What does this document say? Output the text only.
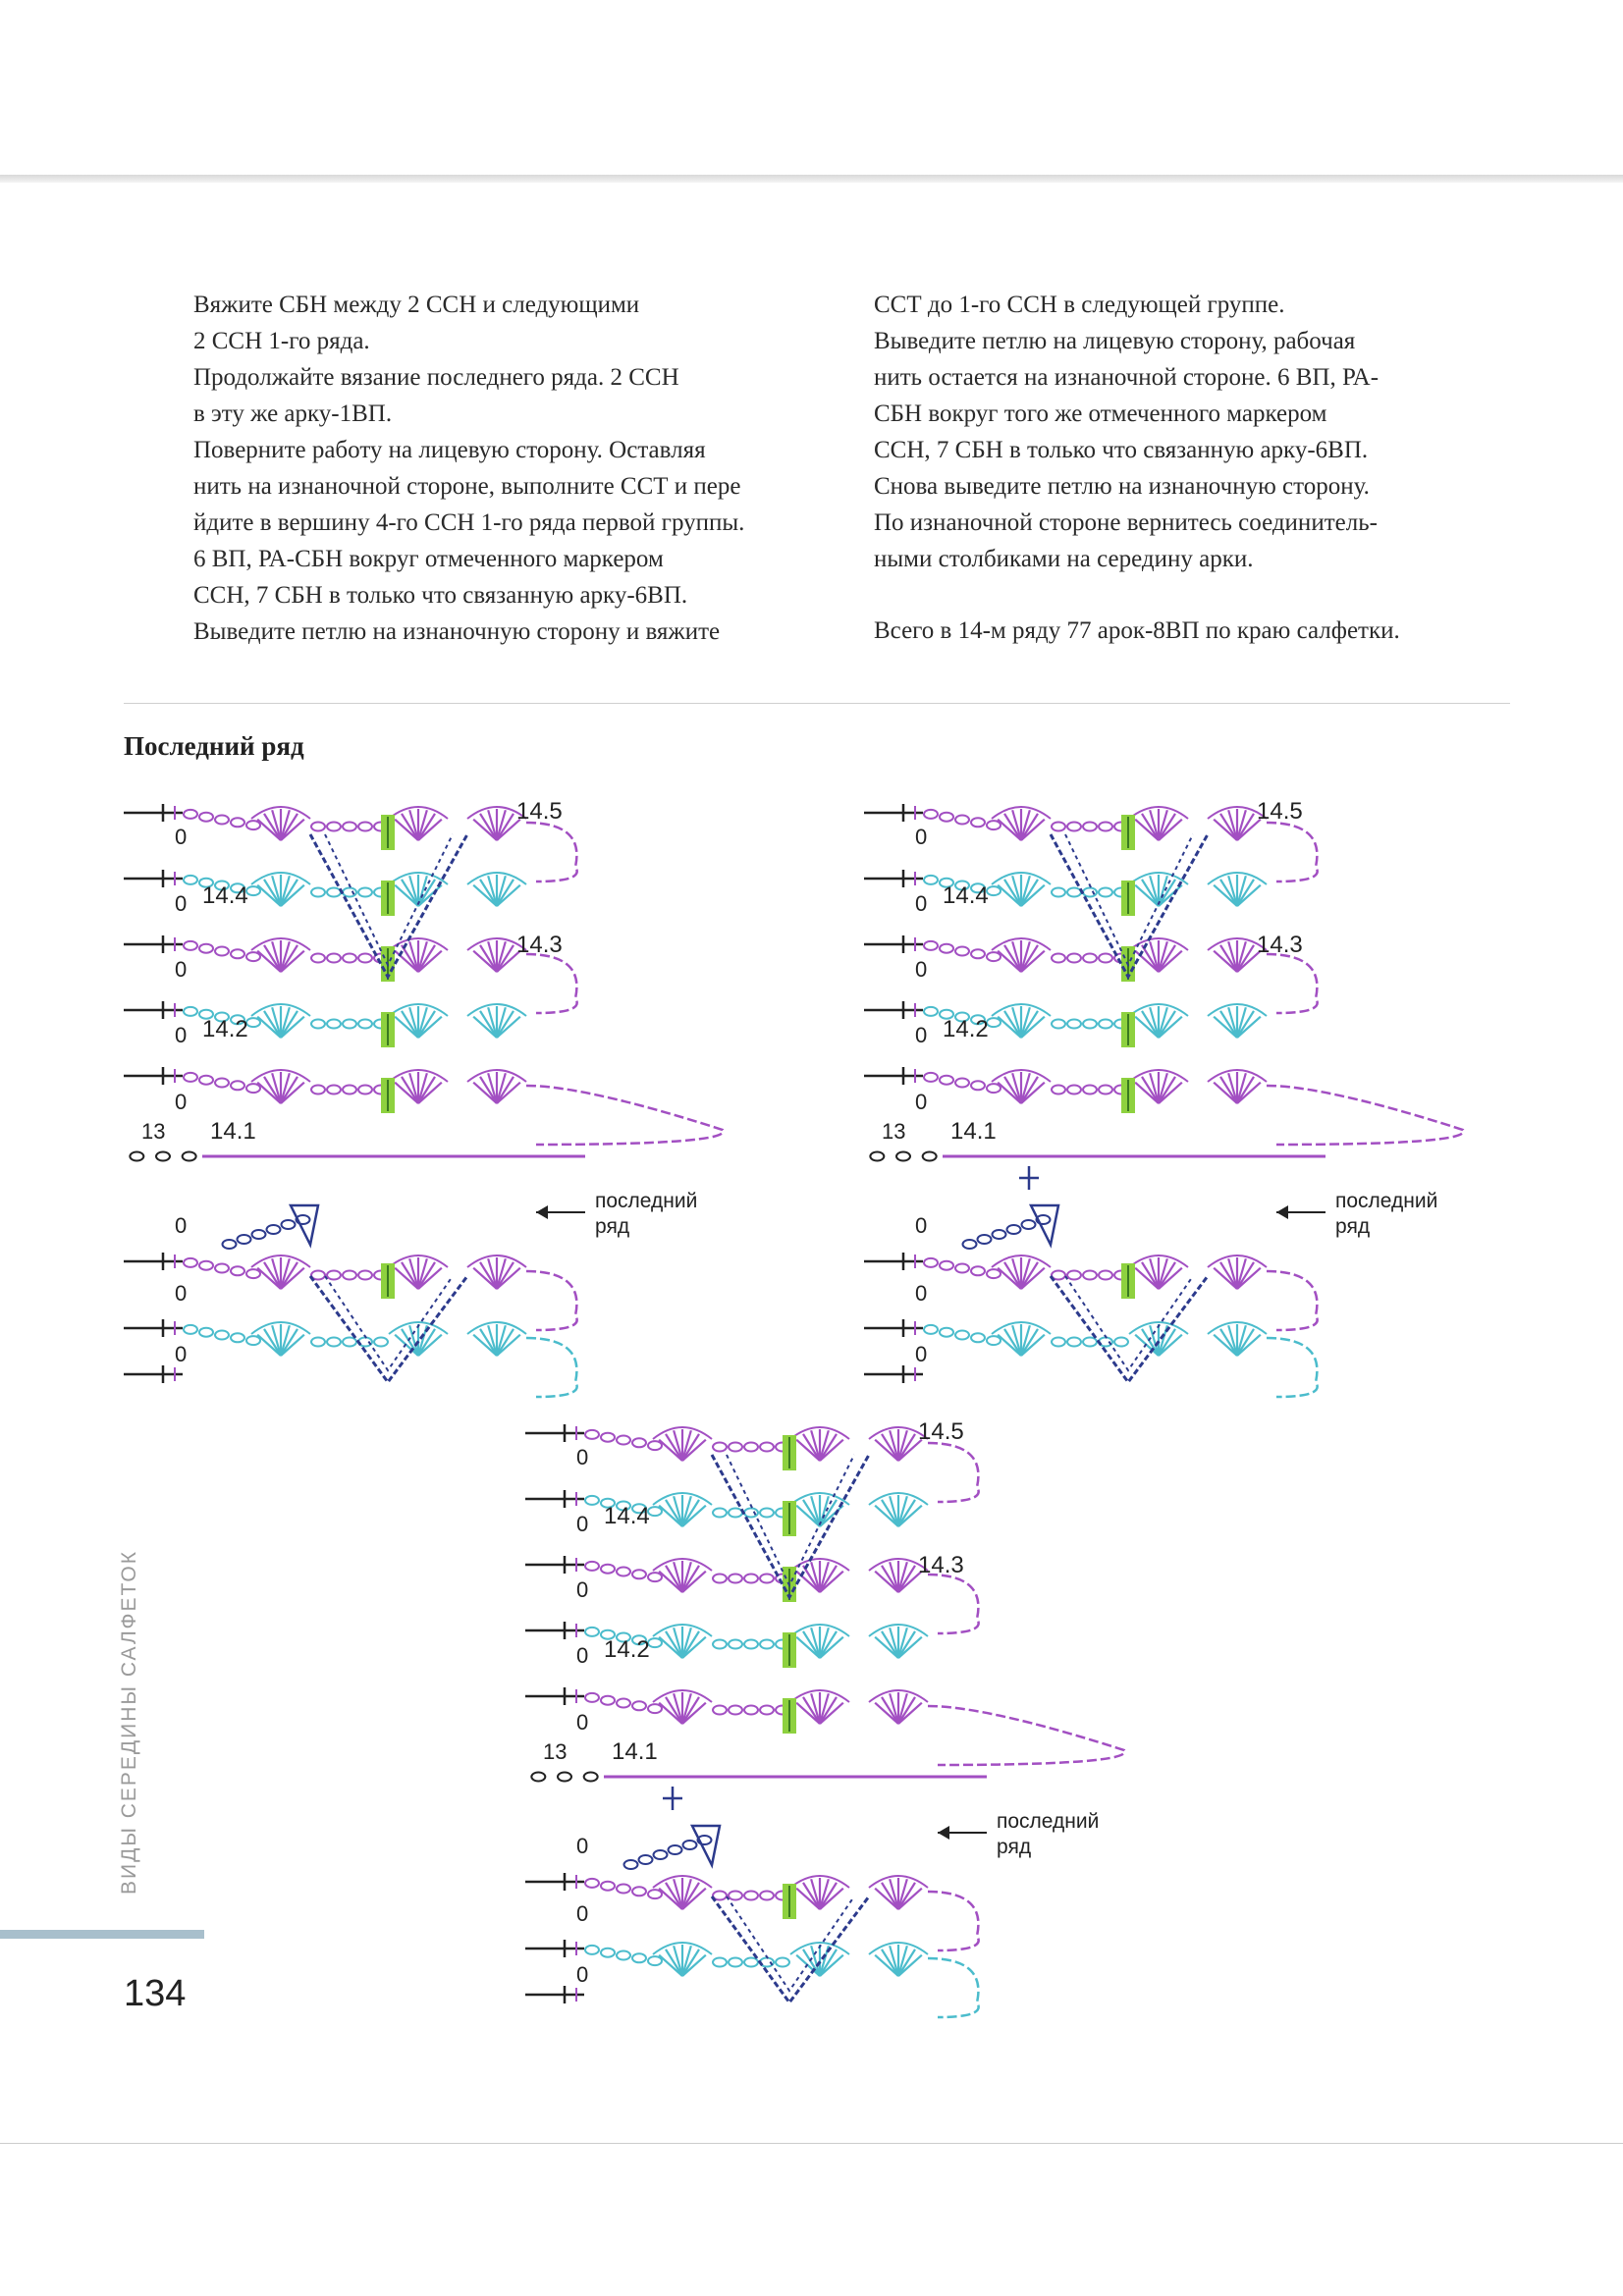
Вяжите СБН между 2 ССН и следующими

2 ССН 1-го ряда.

Продолжайте вязание последнего ряда. 2 ССН

в эту же арку-1ВП.

Поверните работу на лицевую сторону. Оставляя

нить на изнаночной стороне, выполните ССТ и пере

йдите в вершину 4-го ССН 1-го ряда первой группы.

6 ВП, РА-СБН вокруг отмеченного маркером

ССН, 7 СБН в только что связанную арку-6ВП.

Выведите петлю на изнаночную сторону и вяжите

ССТ до 1-го ССН в следующей группе.

Выведите петлю на лицевую сторону, рабочая

нить остается на изнаночной стороне. 6 ВП, РА-

СБН вокруг того же отмеченного маркером

ССН, 7 СБН в только что связанную арку-6ВП.

Снова выведите петлю на изнаночную сторону.

По изнаночной стороне вернитесь соединитель-

ными столбиками на середину арки.

Всего в 14-м ряду 77 арок-8ВП по краю салфетки.

Последний ряд
0
0
0
0
0
14.5
14.4
14.3
14.2
13 14.1
0
0
0
последний
ряд
0
0
0
0
0
14.5
14.4
14.3
14.2
13 14.1
0
0
0
последний
ряд
0
0
0
0
0
14.5
14.4
14.3
14.2
13 14.1
0
0
0
последний
ряд
ВИДЫ СЕРЕДИНЫ САЛФЕТОК
134
